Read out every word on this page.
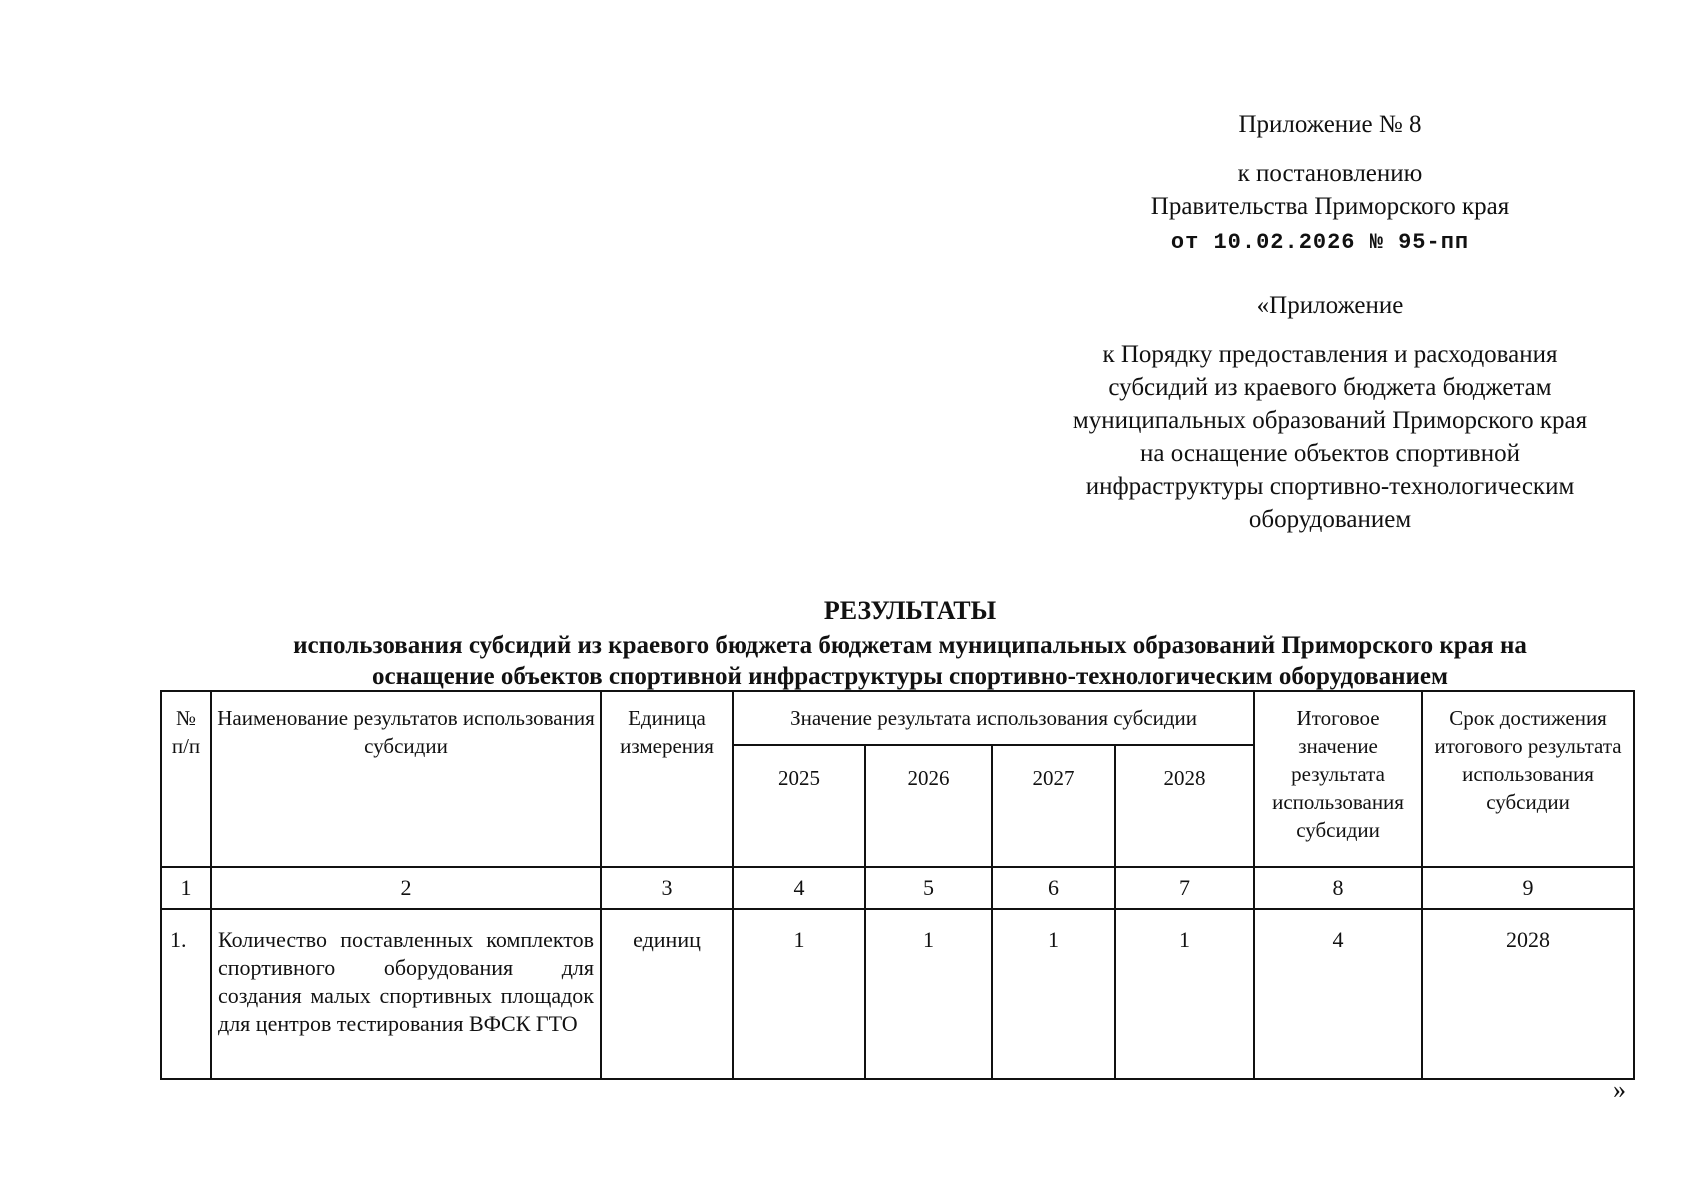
Приложение № 8
к постановлению
Правительства Приморского края
от 10.02.2026 № 95-пп
«Приложение
к Порядку предоставления и расходования
субсидий из краевого бюджета бюджетам
муниципальных образований Приморского края
на оснащение объектов спортивной
инфраструктуры спортивно-технологическим
оборудованием
РЕЗУЛЬТАТЫ
использования субсидий из краевого бюджета бюджетам муниципальных образований Приморского края на
оснащение объектов спортивной инфраструктуры спортивно-технологическим оборудованием
№ п/п	Наименование результатов использования субсидии	Единица измерения	Значение результата использования субсидии				Итоговое значение результата использования субсидии	Срок достижения итогового результата использования субсидии
			2025	2026	2027	2028		
1	2	3	4	5	6	7	8	9
1.	Количество поставленных комплектов спортивного оборудования для создания малых спортивных площадок для центров тестирования ВФСК ГТО	единиц	1	1	1	1	4	2028
»
